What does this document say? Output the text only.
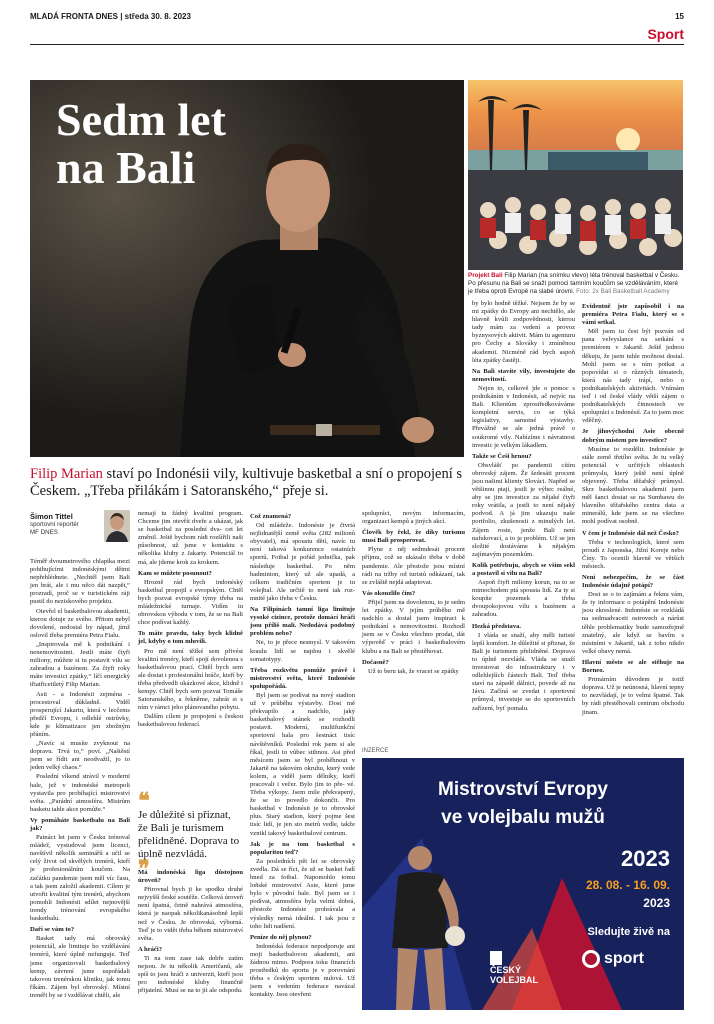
MLADÁ FRONTA DNES | středa 30. 8. 2023	15
Sport
Sedm let
na Bali
Projekt Bali Filip Marian (na snímku vlevo) léta trénoval basketbal v Česku. Po přesunu na Bali se snaží pomoci tamním koučům se vzděláváním, které je třeba oproti Evropě na slabé úrovni. Foto: 2x Bali Basketball Academy
Filip Marian staví po Indonésii vily, kultivuje basketbal a sní o propojení s Českem. „Třeba přilákám i Satoranského,“ přeje si.
Šimon Tittel
sportovní reportér
MF DNES

Téměř dvoumetrového chlapíka mezi pohibujícími indonéskými dětmi nepřehlédnete. „Nechtěl jsem Bali jen brát, ale i mu něco dát nazpět,“ prozradí, proč se v turistickém ráji pustil do neziskového projektu.

Otevřel el basketbalovou akademii, kterou dotuje ze svého. Přitom nebyl dovolené, nedostal by nápad, jímž oslovil třeba premiéra Petra Fialu.

„Inspirovala mě k podnikání i nenemovitostmi. Jestli máte čtyři miliony, můžete si tu postavit vilu se zahradou a bazénem. Za čtyři roky máte investici zpátky,“ líčí energický třiatřicetiletý Filip Marian.

Asii - a Indonésii zejména - procestoval důkladně. Viděl prosperující Jakartu, která v lecčems předčí Evropu, i odlehlé ostrůvky, kde je klimatizace jen zbožným přáním.

„Navíc si musíte zvyknout na dopravu. Trvá to,“ poví. „Naštěstí jsem se řídit ani neodvažil, jo to jeden velký chaos.“

Poslední víkend strávil v moderní hale, jež v indonéské metropoli vystavila pro probíhající mistrovství světa. „Parádní atmosféra. Mistrům basketu tahle akce pomůže.“

Vy pomáháte basketbalu na Bali jak?

Patnáct let jsem v Česku trénoval mládež, vystudoval jsem licenci, navštívil několik seminářů a učil se celý život od skvělých trenérů, kteří je profesionálním koučem. Na začátku pandemie jsem měl víc času, a tak jsem založil akademii. Cílem je utvořit kvalitní tým trenérů, abychom pomohli Indonésii sdílet nejnovější trendy trénování evropského basketbalu.

Daří se vám to?

Basket tady má obrovský potenciál, ale limituje ho vzdělávání trenérů, které úplně nefunguje. Teď jsme organizovali basketbalový kemp, závrení jsme uspořádali takovou trenérskou kliniku, jak tomu říkám. Zájem byl obrovský. Místní trenéři by se i vzdělávat chtěli, ale

nemají tu žádný kvalitní program. Chceme jim otevřít dveře a ukázat, jak se basketbal za poslední dva- cet let změnil. Ještě bychom rádi rozšířili naši působnost, už jsme v kontaktu s několika kluby z Jakarty. Potenciál to má, ale jdeme krok za krokem.

Kam se můžete posunout?

Hrozně rád bych indonéský basketbal propojil s evropským. Chtěl bych pozvat evropské týmy třeba na mládežnické turnaje. Vidím tu obrovskou výhodu v tom, že se na Bali chce podívat každý.

To máte pravdu, taky bych klidně jel, kdyby o tom mluvili.

Pro mě není těžké sem přivést kvalitní trenéry, kteří spojí dovolenou s basketbalovou prací. Chtěl bych sem ale dostat i profesionální hráče, kteří by třeba předvedli ukázkové akce, klidně i kempy. Chtěl bych sem pozvat Tomáše Satoranského, a řekněme, zahrát si s ním v rámci jeho plánovaného pobytu.

Dalším cílem je propojení s českou basketbalovou federací.

❝
Je důležité si přiznat, že Bali je turismem přelidněné. Doprava to úplně nezvládá.
❞
Má indonéská liga důstojnou úroveň?

Přirovnal bych ji ke spodku druhé nejvyšší české soutěže. Celková úroveň není špatná, četně nahrává atmosféra, která je naopak několikanásobně lepší než v Česku. Je obrovská, výborná. Teď je to vidět třeba během mistrovství světa.

A hráči?

Ti na tom zase tak dobře zatím nejsou. Je tu několik Američanů, ale spíš to jsou hráči z univerzit, kteří jsou pro indonéské kluby finančně přijatelní. Musí se na to jít ale odspodu.

Což znamená?

Od mládeže. Indonésie je čtvrtá nejlidnatější země světa (282 milionů obyvatel), má spoustu dětí, navíc tu není taková konkurence ostatních sportů. Fotbal je pořád jednička, pak následuje basketbal. Po něm badminton, který už ale upadá, a celkem tradičním sportem je tu volejbal. Ale určitě to není tak roz- mnité jako třeba v Česku.

Na Filipínách tamní liga limituje vysoké cizince, protože domácí hráči jsou příliš malí. Nedodává podobný problém nebo?

Ne, to je přece nesmysl. V takovém kraulu lidí se najdou i skvělé somatotypy.

Třeba rozkvětu pomůže právě i mistrovství světa, které Indonésie spolupořádá.

Byl jsem se podívat na nový stadion už v průběhu výstavby. Dost mě překvapilo a nadchlo, jaký basketbalový stánek se rozhodli postavit. Moderní, multifunkční sportovní hala pro šestnáct tisíc návštěvníků. Poslední rok jsem si ale říkal, jestli to vůbec stihnou. Asi před měsícem jsem se byl proběhnout v Jakartě na takovém okruhu, který vede kolem, a viděl jsem dělníky, kteří pracovali i večer. Bylo jim to pře- vé. Třeba výkopy. Jsem mile překvapený, že se to povedlo dokončit. Pro basketbal v Indonésii je to obrovské plus. Starý stadion, který pojme šest tisíc lidí, je jen sto metrů vedle, takže vznikl takový basketbalové centrum.

Jak je na tom basketbal s popularitou teď?

Za posledních pět let se obrovsky zvedla. Dá se říct, že už se basket řadí hned za fotbal. Napomohlo tomu loňské mistrovství Asie, které jsme bylo v původní hale. Byl jsem se i podívat, atmosféra byla velmi dobrá, přestože Indonésie prohrávala a výsledky nemá ideální. I tak jsou z toho lidi nadšení.

Peníze do něj plynou?

Indonéská federace nepodporuje ani moji basketbalovou akademii, ani žádnou mimo. Podpora toku financích prostředků do sportu je v porovnání třeba s českým sportem nulová. Už jsem s vedením federace navázal kontakty. Jsou otevřeni

spolupráci, novým informacím, organizaci kempů a jiných akcí.

Člověk by řekl, že díky turismu musí Bali prosperovat.

Plyne z něj sedmdesát procent příjmu, což se ukázalo třeba v době pandemie. Ale přestože jsou místní rádi na tržby od turistů odkázaní, tak se zvláště nejdá adaptovat.

Vás okouzlilo čím?

Přijel jsem na dovolenou, to je sedm let zpátky. V jejím průběhu mě nadchlo a dostal jsem inspiraci k podnikání s nemovitostmi. Rozhodl jsem se v Česku všechno prodat, dát výpověď v práci i basketbalovém klubu a na Bali se přestěhovat.

Dočasně?

Už to beru tak, že vracet se zpátky

by bylo hodně těžké. Nejsem že by se mi zpátky do Evropy ani nechtělo, ale hlavně kvůli zodpovědnosti, kterou tady mám za vedení a provoz byznysových aktivit. Mám tu agenturu pro Čechy a Slováky i zmíněnou akademii. Nicméně rád bych aspoň léta zpátky častěji.

Na Bali stavíte vily, investujete do nemovitostí.

Nejen to, celkově jde o pomoc s podnikáním v Indonésii, ač nejvíc na Bali. Klientům zprostředkováváme kompletní servis, co se týká legislativy, samotné výstavby. Převážně se ale jedná právě o soukromé vily. Nabízíme i návratnost investic je velkým lákadlem.

Takže se Češi hrnou?

Obsvlášť po pandemii cítím obrovský zájem. Že šedesáti procent jsou našimi klienty Slováci. Napřed se většinou ptají, jestli je výbec reálné, aby se jim investice za nějaké čtyři roky vrátila, a jestli to není nějaký podvod. A já jim ukazuju naše portfolio, zkušenosti z minulých let. Zájem roste, jenže Bali není nafukovací, a to je problém. Už se jen složité dostáváme k nějakým zajímavým pozemkům.

Kolik potřebuju, abych se vším sekl a postavil si vilu na Bali?

Aspoň čtyři miliony korun, na to se mimochodem ptá spousta lidí. Za ty si koupíte pozemek a třeba dvoupokojovou vilu s bazénem a zahradou.

Hezká představa.

I vláda se snaží, aby měli turisté lepší komfort. Je důležité si přiznat, že Bali je turismem přelidněné. Doprava to úplně nezvládá. Vláda se snaží investovat do infrastruktury i v odlehlejších částech Bali. Teď třeba staví na západě dálnici, povede až na Jávu. Začíná se zvedat i sportovní průmysl, investuje se do sportovních zařízení, byť pomalu.

Evidentně jste zapůsobil i na premiéra Petra Fialu, který se s vámi setkal.

Měl jsem tu čest být pozván od pana velvyslance na setkání s premiérem v Jakartě. Ještě jednou děkuju, že jsem tuhle možnost dostal. Mohl jsem se s ním potkat a popovídat si o různých tématech, která nás tady trápí, nebo o podnikatelských aktivitách. Vnímám teď i od české vlády větší zájem o podnikatelských činnostech ve spolupráci s Indonésií. Za to jsem moc vděčný.

Je jihovýchodní Asie obecně dobrým místem pro investice?

Musíme to rozdělit. Indonésie je stále země třetího světa. Je tu velký potenciál v určitých oblastech průmyslu, který ještě není úplně objevený. Třeba těžařský průmysl. Skrz basketbalovou akademii jsem měl šanci dostat se na Sumbawu do hlavního těžařského centra data a minerálů, kde jsem se na všechno mohl podívat osobně.

V čem je Indonésie dál než Česko?

Třeba v technologiích, které sem proudí z Japonska, Jižní Koreje nebo Číny. To ocenili hlavně ve větších městech.

Není nebezpečím, že se část Indonésie údajně potápí?

Dost se o to zajímám a řeknu vám, že ty informace o potápění Indonésie jsou zkreslené. Indonésie se rozkládá na sedmadvaceti ostrovech a nárůst těhle problematiky bude samozřejmě znatelný, ale když se bavím s místními v Jakartě, tak z toho nikdo velké obavy nemá.

Hlavní město se ale stěhuje na Borneo.

Primárním důvodem je totiž doprava. Už je neúnosná, hlavní tepny to nezvládají, je to velmi špatné. Tak by rádi přestěhovali centrum obchodu jinam.

INZERCE
Mistrovství Evropy
ve volejbalu mužů
2023
28. 08. - 16. 09.
2023
Sledujte živě na
ČESKÝ
VOLEJBAL
sport
